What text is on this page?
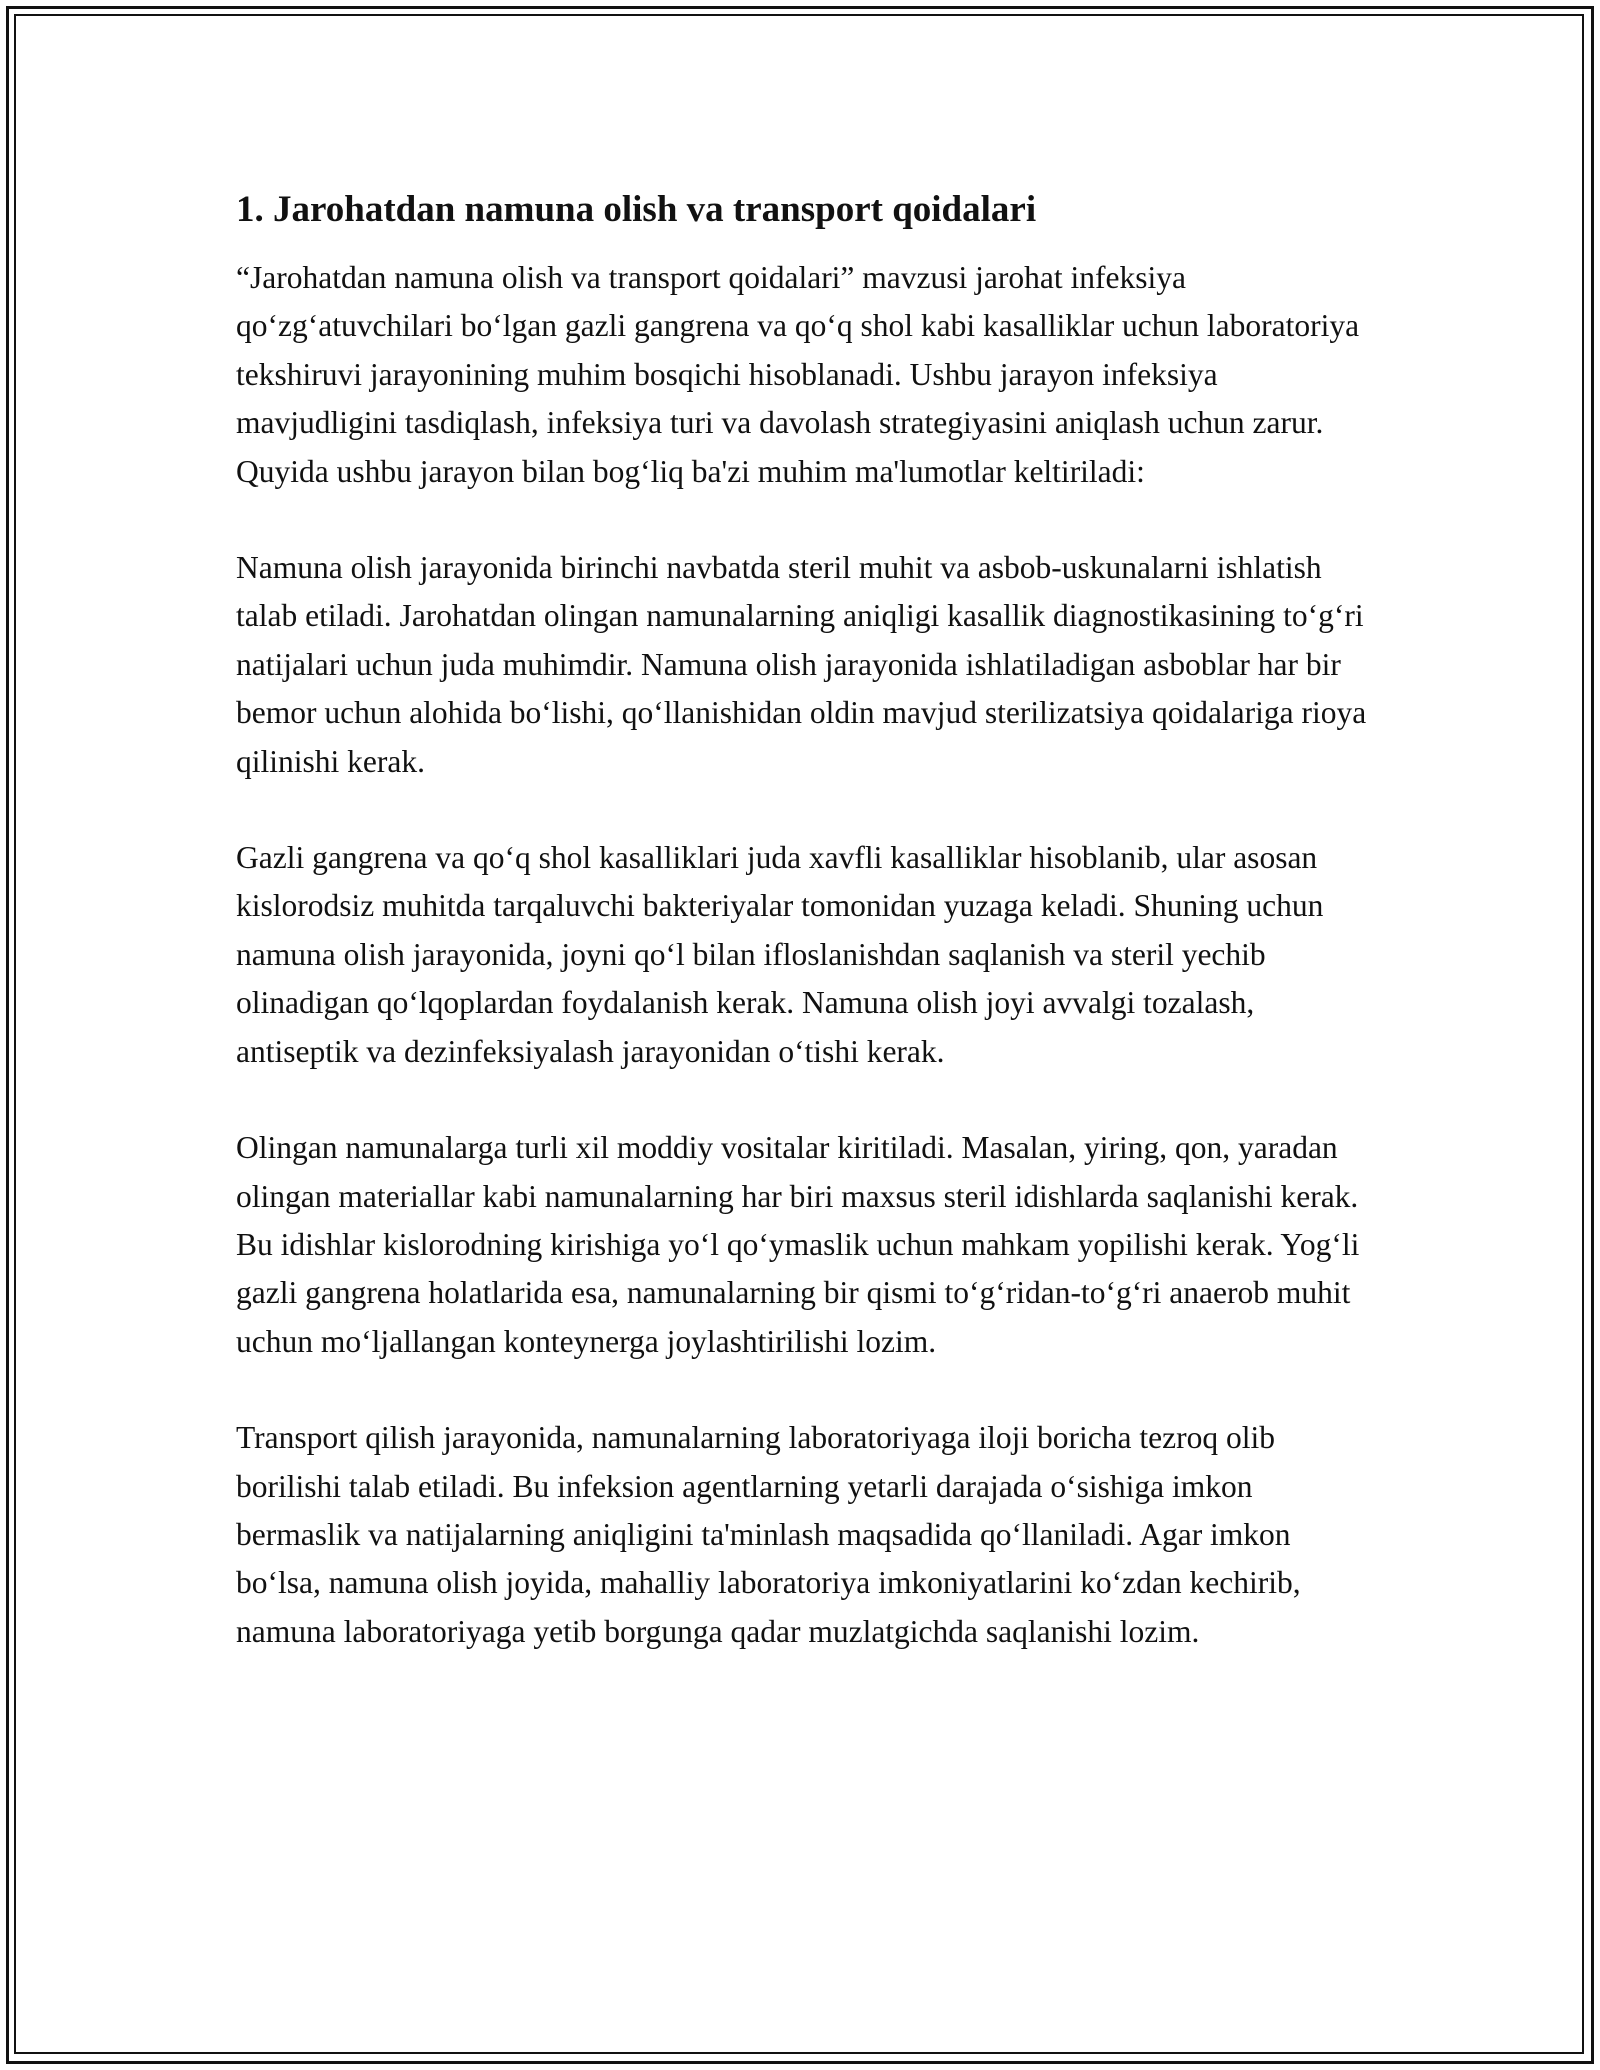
1. Jarohatdan namuna olish va transport qoidalari

“Jarohatdan namuna olish va transport qoidalari” mavzusi jarohat infeksiya qo‘zg‘atuvchilari bo‘lgan gazli gangrena va qo‘q shol kabi kasalliklar uchun laboratoriya tekshiruvi jarayonining muhim bosqichi hisoblanadi. Ushbu jarayon infeksiya mavjudligini tasdiqlash, infeksiya turi va davolash strategiyasini aniqlash uchun zarur. Quyida ushbu jarayon bilan bog‘liq ba'zi muhim ma'lumotlar keltiriladi:

Namuna olish jarayonida birinchi navbatda steril muhit va asbob-uskunalarni ishlatish talab etiladi. Jarohatdan olingan namunalarning aniqligi kasallik diagnostikasining to‘g‘ri natijalari uchun juda muhimdir. Namuna olish jarayonida ishlatiladigan asboblar har bir bemor uchun alohida bo‘lishi, qo‘llanishidan oldin mavjud sterilizatsiya qoidalariga rioya qilinishi kerak.

Gazli gangrena va qo‘q shol kasalliklari juda xavfli kasalliklar hisoblanib, ular asosan kislorodsiz muhitda tarqaluvchi bakteriyalar tomonidan yuzaga keladi. Shuning uchun namuna olish jarayonida, joyni qo‘l bilan ifloslanishdan saqlanish va steril yechib olinadigan qo‘lqoplardan foydalanish kerak. Namuna olish joyi avvalgi tozalash, antiseptik va dezinfeksiyalash jarayonidan o‘tishi kerak.

Olingan namunalarga turli xil moddiy vositalar kiritiladi. Masalan, yiring, qon, yaradan olingan materiallar kabi namunalarning har biri maxsus steril idishlarda saqlanishi kerak. Bu idishlar kislorodning kirishiga yo‘l qo‘ymaslik uchun mahkam yopilishi kerak. Yog‘li gazli gangrena holatlarida esa, namunalarning bir qismi to‘g‘ridan-to‘g‘ri anaerob muhit uchun mo‘ljallangan konteynerga joylashtirilishi lozim.

Transport qilish jarayonida, namunalarning laboratoriyaga iloji boricha tezroq olib borilishi talab etiladi. Bu infeksion agentlarning yetarli darajada o‘sishiga imkon bermaslik va natijalarning aniqligini ta'minlash maqsadida qo‘llaniladi. Agar imkon bo‘lsa, namuna olish joyida, mahalliy laboratoriya imkoniyatlarini ko‘zdan kechirib, namuna laboratoriyaga yetib borgunga qadar muzlatgichda saqlanishi lozim.
